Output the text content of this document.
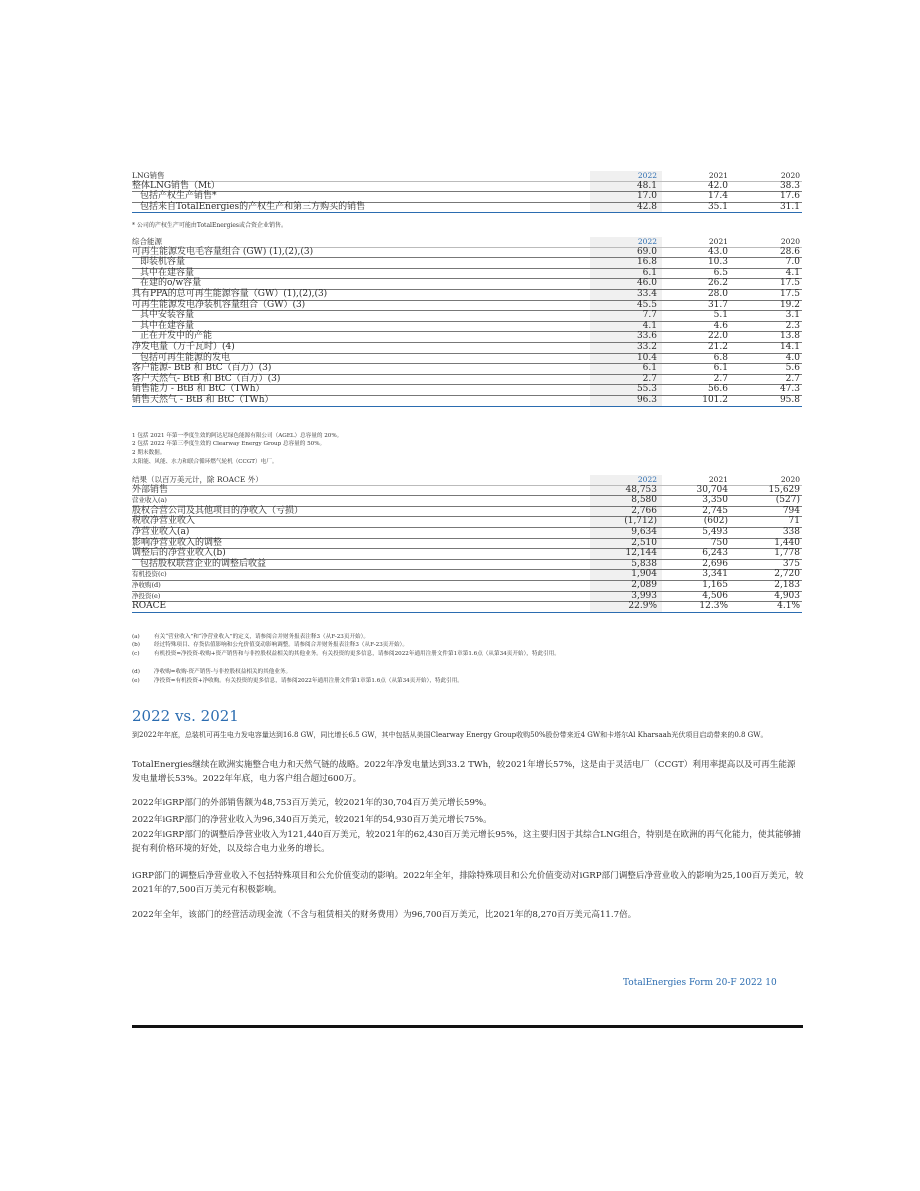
LNG销售	2022	2021	2020
整体LNG销售（Mt）	48.1	42.0	38.3
包括产权生产销售*	17.0	17.4	17.6
包括来自TotalEnergies的产权生产和第三方购买的销售	42.8	35.1	31.1
* 公司的产权生产可能由TotalEnergies或合资企业销售。
综合能源	2022	2021	2020
可再生能源发电毛容量组合 (GW) (1),(2),(3)	69.0	43.0	28.6
即装机容量	16.8	10.3	7.0
其中在建容量	6.1	6.5	4.1
在建的o/w容量	46.0	26.2	17.5
具有PPA的总可再生能源容量（GW）(1),(2),(3)	33.4	28.0	17.5
可再生能源发电净装机容量组合（GW）(3)	45.5	31.7	19.2
其中安装容量	7.7	5.1	3.1
其中在建容量	4.1	4.6	2.3
正在开发中的产能	33.6	22.0	13.8
净发电量（万千瓦时）(4)	33.2	21.2	14.1
包括可再生能源的发电	10.4	6.8	4.0
客户能源- BtB 和 BtC（百万）(3)	6.1	6.1	5.6
客户天然气- BtB 和 BtC（百万）(3)	2.7	2.7	2.7
销售能力 - BtB 和 BtC（TWh）	55.3	56.6	47.3
销售天然气 - BtB 和 BtC（TWh）	96.3	101.2	95.8
1 包括 2021 年第一季度生效的阿达尼绿色能源有限公司（AGEL）总容量的 20%。
2 包括 2022 年第三季度生效的 Clearway Energy Group 总容量的 50%。
2 期末数据。
太阳能、风能、水力和联合循环燃气轮机（CCGT）电厂。
结果（以百万美元计，除 ROACE 外）	2022	2021	2020
外部销售	48,753	30,704	15,629
营业收入(a)	8,580	3,350	(527)
股权合营公司及其他项目的净收入（亏损）	2,766	2,745	794
税收净营业收入	(1,712)	(602)	71
净营业收入(a)	9,634	5,493	338
影响净营业收入的调整	2,510	750	1,440
调整后的净营业收入(b)	12,144	6,243	1,778
包括股权联营企业的调整后收益	5,838	2,696	375
有机投资(c)	1,904	3,341	2,720
净收购(d)	2,089	1,165	2,183
净投资(e)	3,993	4,506	4,903
ROACE	22.9%	12.3%	4.1%
(a)	有关“营业收入”和“净营业收入”的定义，请参阅合并财务报表注释3（从F-23页开始）。
(b)	经过特殊项目、存货估值影响和公允价值变动影响调整。请参阅合并财务报表注释3（从F-23页开始）。
(c)	有机投资=净投资-收购+资产销售和与非控股权益相关的其他业务。有关投资的更多信息，请参阅2022年通用注册文件第1章第1.6点（从第34页开始），特此引用。
(d)	净收购=收购-资产销售-与非控股权益相关的其他业务。
(e)	净投资=有机投资+净收购。有关投资的更多信息，请参阅2022年通用注册文件第1章第1.6点（从第34页开始），特此引用。
2022 vs. 2021
到2022年年底，总装机可再生电力发电容量达到16.8 GW，同比增长6.5 GW，其中包括从美国Clearway Energy Group收购50%股份带来近4 GW和卡塔尔Al Kharsaah光伏项目启动带来的0.8 GW。
TotalEnergies继续在欧洲实施整合电力和天然气链的战略。2022年净发电量达到33.2 TWh，较2021年增长57%，这是由于灵活电厂（CCGT）利用率提高以及可再生能源发电量增长53%。2022年年底，电力客户组合超过600万。
2022年iGRP部门的外部销售额为48,753百万美元，较2021年的30,704百万美元增长59%。
2022年iGRP部门的净营业收入为96,340百万美元，较2021年的54,930百万美元增长75%。
2022年iGRP部门的调整后净营业收入为121,440百万美元，较2021年的62,430百万美元增长95%，这主要归因于其综合LNG组合，特别是在欧洲的再气化能力，使其能够捕捉有利价格环境的好处，以及综合电力业务的增长。
iGRP部门的调整后净营业收入不包括特殊项目和公允价值变动的影响。2022年全年，排除特殊项目和公允价值变动对iGRP部门调整后净营业收入的影响为25,100百万美元，较2021年的7,500百万美元有积极影响。
2022年全年，该部门的经营活动现金流（不含与租赁相关的财务费用）为96,700百万美元，比2021年的8,270百万美元高11.7倍。
TotalEnergies Form 20-F 2022 10
